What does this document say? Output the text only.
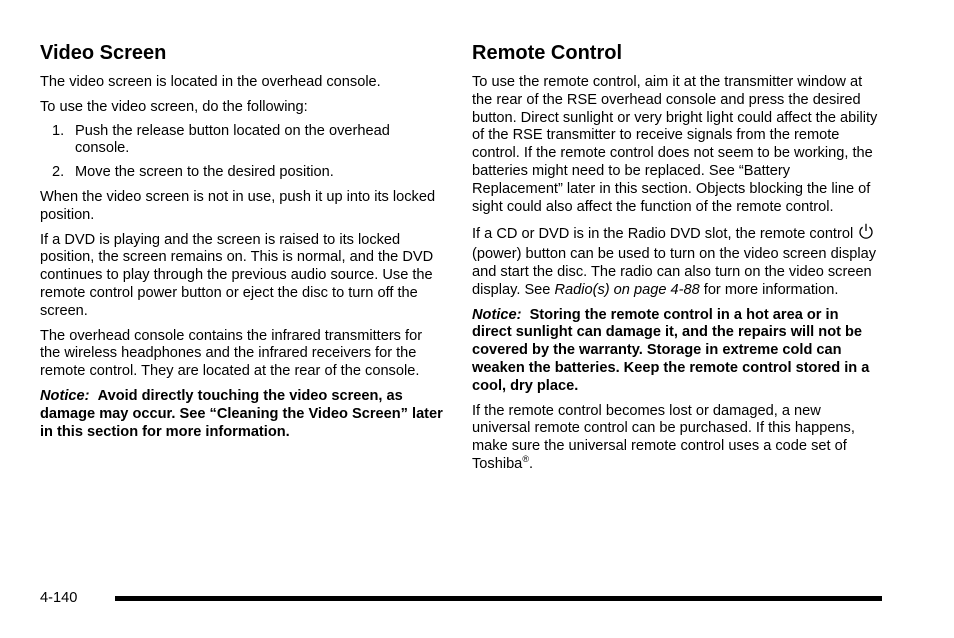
Video Screen

The video screen is located in the overhead console.

To use the video screen, do the following:

1. Push the release button located on the overhead console.
2. Move the screen to the desired position.

When the video screen is not in use, push it up into its locked position.

If a DVD is playing and the screen is raised to its locked position, the screen remains on. This is normal, and the DVD continues to play through the previous audio source. Use the remote control power button or eject the disc to turn off the screen.

The overhead console contains the infrared transmitters for the wireless headphones and the infrared receivers for the remote control. They are located at the rear of the console.

Notice: Avoid directly touching the video screen, as damage may occur. See “Cleaning the Video Screen” later in this section for more information.

Remote Control

To use the remote control, aim it at the transmitter window at the rear of the RSE overhead console and press the desired button. Direct sunlight or very bright light could affect the ability of the RSE transmitter to receive signals from the remote control. If the remote control does not seem to be working, the batteries might need to be replaced. See “Battery Replacement” later in this section. Objects blocking the line of sight could also affect the function of the remote control.

If a CD or DVD is in the Radio DVD slot, the remote control (power) button can be used to turn on the video screen display and start the disc. The radio can also turn on the video screen display. See Radio(s) on page 4-88 for more information.

Notice: Storing the remote control in a hot area or in direct sunlight can damage it, and the repairs will not be covered by the warranty. Storage in extreme cold can weaken the batteries. Keep the remote control stored in a cool, dry place.

If the remote control becomes lost or damaged, a new universal remote control can be purchased. If this happens, make sure the universal remote control uses a code set of Toshiba®.

4-140
